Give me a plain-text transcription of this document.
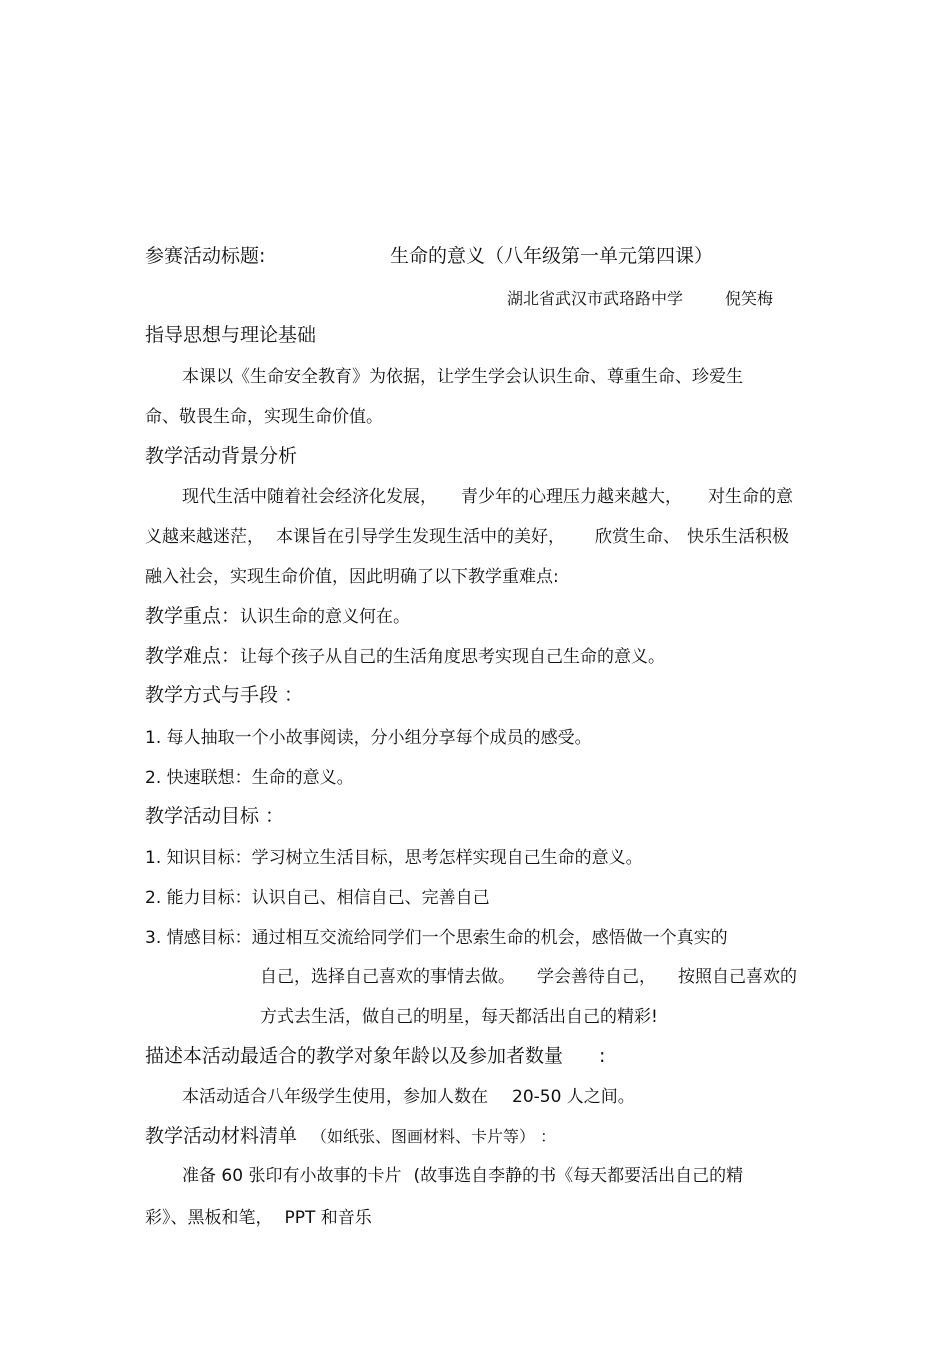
参赛活动标题:	生命的意义（八年级第一单元第四课）
湖北省武汉市武珞路中学	倪笑梅
指导思想与理论基础
本课以《生命安全教育》为依据，让学生学会认识生命、尊重生命、珍爱生
命、敬畏生命，实现生命价值。
教学活动背景分析
现代生活中随着社会经济化发展， 青少年的心理压力越来越大， 对生命的意
义越来越迷茫， 本课旨在引导学生发现生活中的美好， 欣赏生命、 快乐生活积极
融入社会，实现生命价值，因此明确了以下教学重难点:
教学重点：认识生命的意义何在。
教学难点：让每个孩子从自己的生活角度思考实现自己生命的意义。
教学方式与手段 ：
1. 每人抽取一个小故事阅读，分小组分享每个成员的感受。
2. 快速联想：生命的意义。
教学活动目标 ：
1. 知识目标：学习树立生活目标，思考怎样实现自己生命的意义。
2. 能力目标：认识自己、相信自己、完善自己
3. 情感目标：通过相互交流给同学们一个思索生命的机会，感悟做一个真实的
自己，选择自己喜欢的事情去做。 学会善待自己， 按照自己喜欢的
方式去生活，做自己的明星，每天都活出自己的精彩!
描述本活动最适合的教学对象年龄以及参加者数量 :
本活动适合八年级学生使用，参加人数在 20-50 人之间。
教学活动材料清单 （如纸张、图画材料、卡片等） ：
准备 60 张印有小故事的卡片 (故事选自李静的书《每天都要活出自己的精
彩》、黑板和笔， PPT 和音乐
